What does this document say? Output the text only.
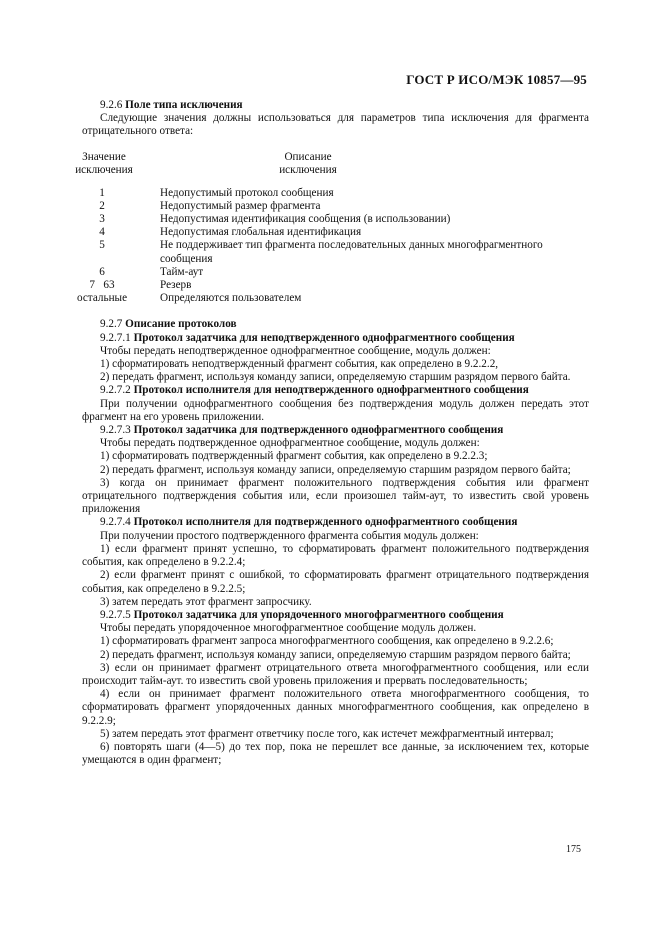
ГОСТ Р ИСО/МЭК 10857—95

9.2.6 Поле типа исключения

Следующие значения должны использоваться для параметров типа исключения для фрагмента отрицательного ответа:

Значение
исключения
Описание
исключения
1	Недопустимый протокол сообщения
2	Недопустимый размер фрагмента
3	Недопустимая идентификация сообщения (в использовании)
4	Недопустимая глобальная идентификация
5	Не поддерживает тип фрагмента последовательных данных многофрагментного сообщения
6	Тайм-аут
7   63	Резерв
остальные	Определяются пользователем

9.2.7 Описание протоколов

9.2.7.1 Протокол задатчика для неподтвержденного однофрагментного сообщения

Чтобы передать неподтвержденное однофрагментное сообщение, модуль должен:

1) сформатировать неподтвержденный фрагмент события, как определено в 9.2.2.2,

2) передать фрагмент, используя команду записи, определяемую старшим разрядом первого байта.

9.2.7.2 Протокол исполнителя для неподтвержденного однофрагментного сообщения

При получении однофрагментного сообщения без подтверждения модуль должен передать этот фрагмент на его уровень приложении.

9.2.7.3 Протокол задатчика для подтвержденного однофрагментного сообщения

Чтобы передать подтвержденное однофрагментное сообщение, модуль должен:

1) сформатировать подтвержденный фрагмент события, как определено в 9.2.2.3;

2) передать фрагмент, используя команду записи, определяемую старшим разрядом первого байта;

3) когда он принимает фрагмент положительного подтверждения события или фрагмент отрицательного подтверждения события или, если произошел тайм-аут, то известить свой уровень приложения

9.2.7.4 Протокол исполнителя для подтвержденного однофрагментного сообщения

При получении простого подтвержденного фрагмента события модуль должен:

1) если фрагмент принят успешно, то сформатировать фрагмент положительного подтверждения события, как определено в 9.2.2.4;

2) если фрагмент принят с ошибкой, то сформатировать фрагмент отрицательного подтверждения события, как определено в 9.2.2.5;

3) затем передать этот фрагмент запросчику.

9.2.7.5 Протокол задатчика для упорядоченного многофрагментного сообщения

Чтобы передать упорядоченное многофрагментное сообщение модуль должен.

1) сформатировать фрагмент запроса многофрагментного сообщения, как определено в 9.2.2.6;

2) передать фрагмент, используя команду записи, определяемую старшим разрядом первого байта;

3) если он принимает фрагмент отрицательного ответа многофрагментного сообщения, или если происходит тайм-аут. то известить свой уровень приложения и прервать последовательность;

4) если он принимает фрагмент положительного ответа многофрагментного сообщения, то сформатировать фрагмент упорядоченных данных многофрагментного сообщения, как определено в 9.2.2.9;

5) затем передать этот фрагмент ответчику после того, как истечет межфрагментный интервал;

6) повторять шаги (4—5) до тех пор, пока не перешлет все данные, за исключением тех, которые умещаются в один фрагмент;

175
